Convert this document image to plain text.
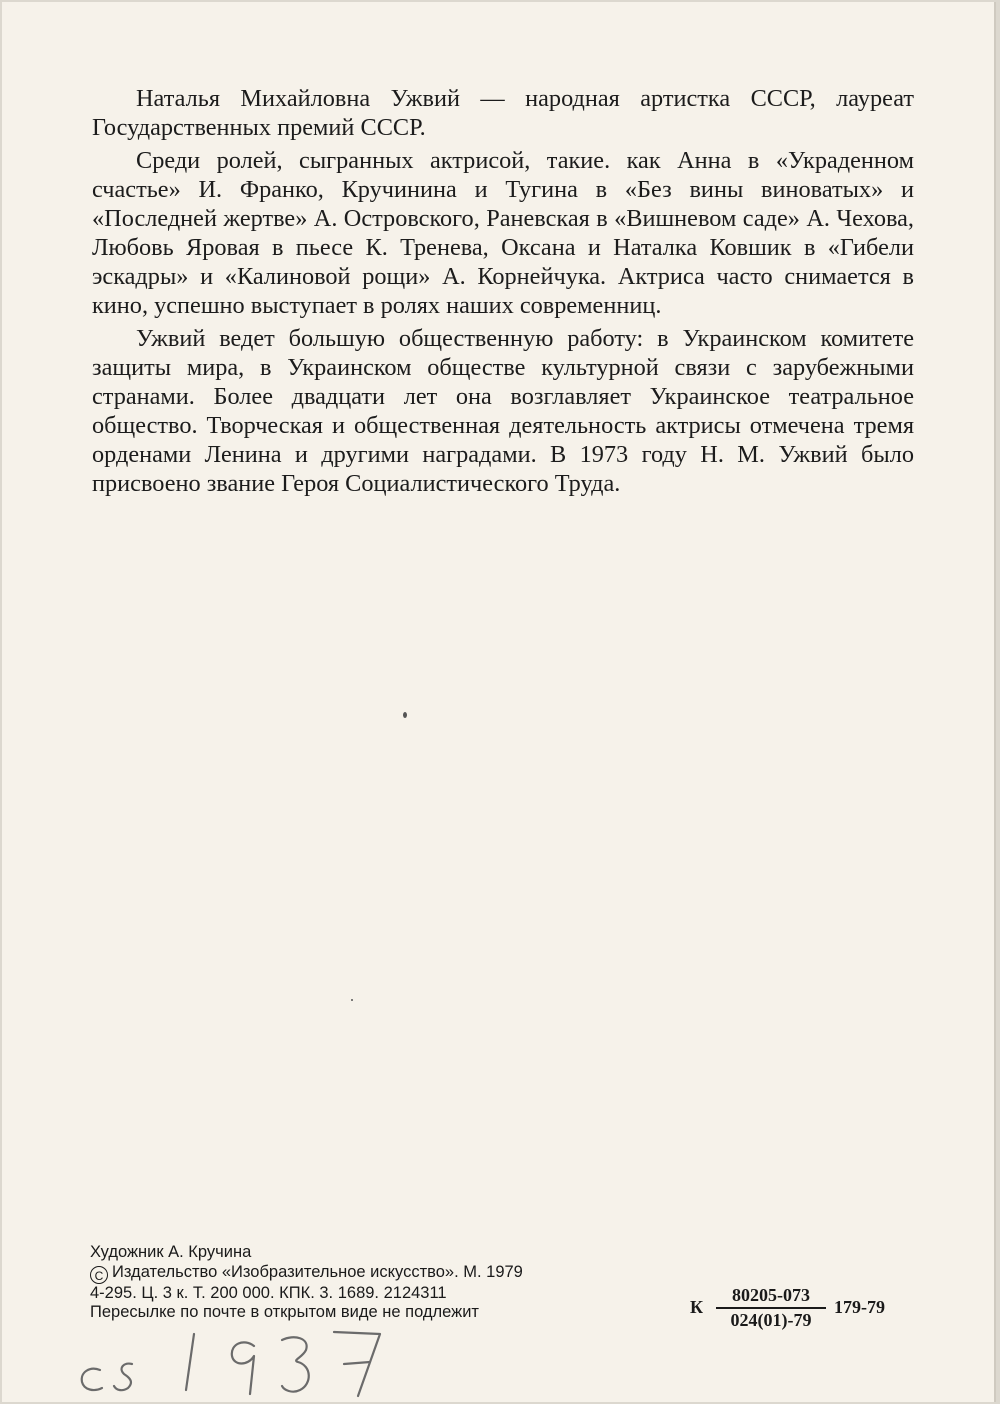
Наталья Михайловна Ужвий — народная артистка СССР, лауреат Государственных премий СССР.

Среди ролей, сыгранных актрисой, такие. как Анна в «Украденном счастье» И. Франко, Кручинина и Тугина в «Без вины виноватых» и «Последней жертве» А. Островского, Раневская в «Вишневом саде» А. Чехова, Любовь Яровая в пьесе К. Тренева, Оксана и Наталка Ковшик в «Гибели эскадры» и «Калиновой рощи» А. Корнейчука. Актриса часто снимается в кино, успешно выступает в ролях наших современниц.

Ужвий ведет большую общественную работу: в Украинском комитете защиты мира, в Украинском обществе культурной связи с зарубежными странами. Более двадцати лет она возглавляет Украинское театральное общество. Творческая и общественная деятельность актрисы отмечена тремя орденами Ленина и другими наградами. В 1973 году Н. М. Ужвий было присвоено звание Героя Социалистического Труда.

Художник А. Кручина
C Издательство «Изобразительное искусство». М. 1979
4-295. Ц. 3 к. Т. 200 000. КПК. 3. 1689. 2124311
Пересылке по почте в открытом виде не подлежит	К $\frac{80205-073}{024(01)-79} 179-79$
